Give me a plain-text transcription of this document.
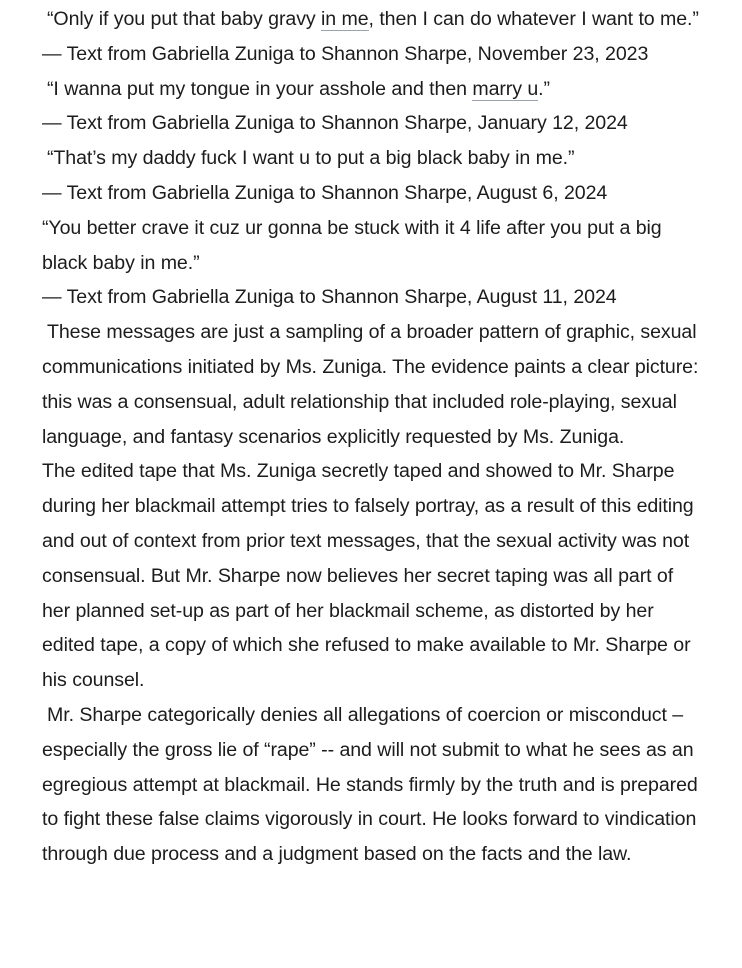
“Only if you put that baby gravy in me, then I can do whatever I want to me.”

— Text from Gabriella Zuniga to Shannon Sharpe, November 23, 2023

“I wanna put my tongue in your asshole and then marry u.”

— Text from Gabriella Zuniga to Shannon Sharpe, January 12, 2024

“That’s my daddy fuck I want u to put a big black baby in me.”

— Text from Gabriella Zuniga to Shannon Sharpe, August 6, 2024

“You better crave it cuz ur gonna be stuck with it 4 life after you put a big black baby in me.”

— Text from Gabriella Zuniga to Shannon Sharpe, August 11, 2024

These messages are just a sampling of a broader pattern of graphic, sexual communications initiated by Ms. Zuniga. The evidence paints a clear picture: this was a consensual, adult relationship that included role-playing, sexual language, and fantasy scenarios explicitly requested by Ms. Zuniga.

The edited tape that Ms. Zuniga secretly taped and showed to Mr. Sharpe during her blackmail attempt tries to falsely portray, as a result of this editing and out of context from prior text messages, that the sexual activity was not consensual. But Mr. Sharpe now believes her secret taping was all part of her planned set-up as part of her blackmail scheme, as distorted by her edited tape, a copy of which she refused to make available to Mr. Sharpe or his counsel.

Mr. Sharpe categorically denies all allegations of coercion or misconduct – especially the gross lie of “rape” -- and will not submit to what he sees as an egregious attempt at blackmail. He stands firmly by the truth and is prepared to fight these false claims vigorously in court. He looks forward to vindication through due process and a judgment based on the facts and the law.
